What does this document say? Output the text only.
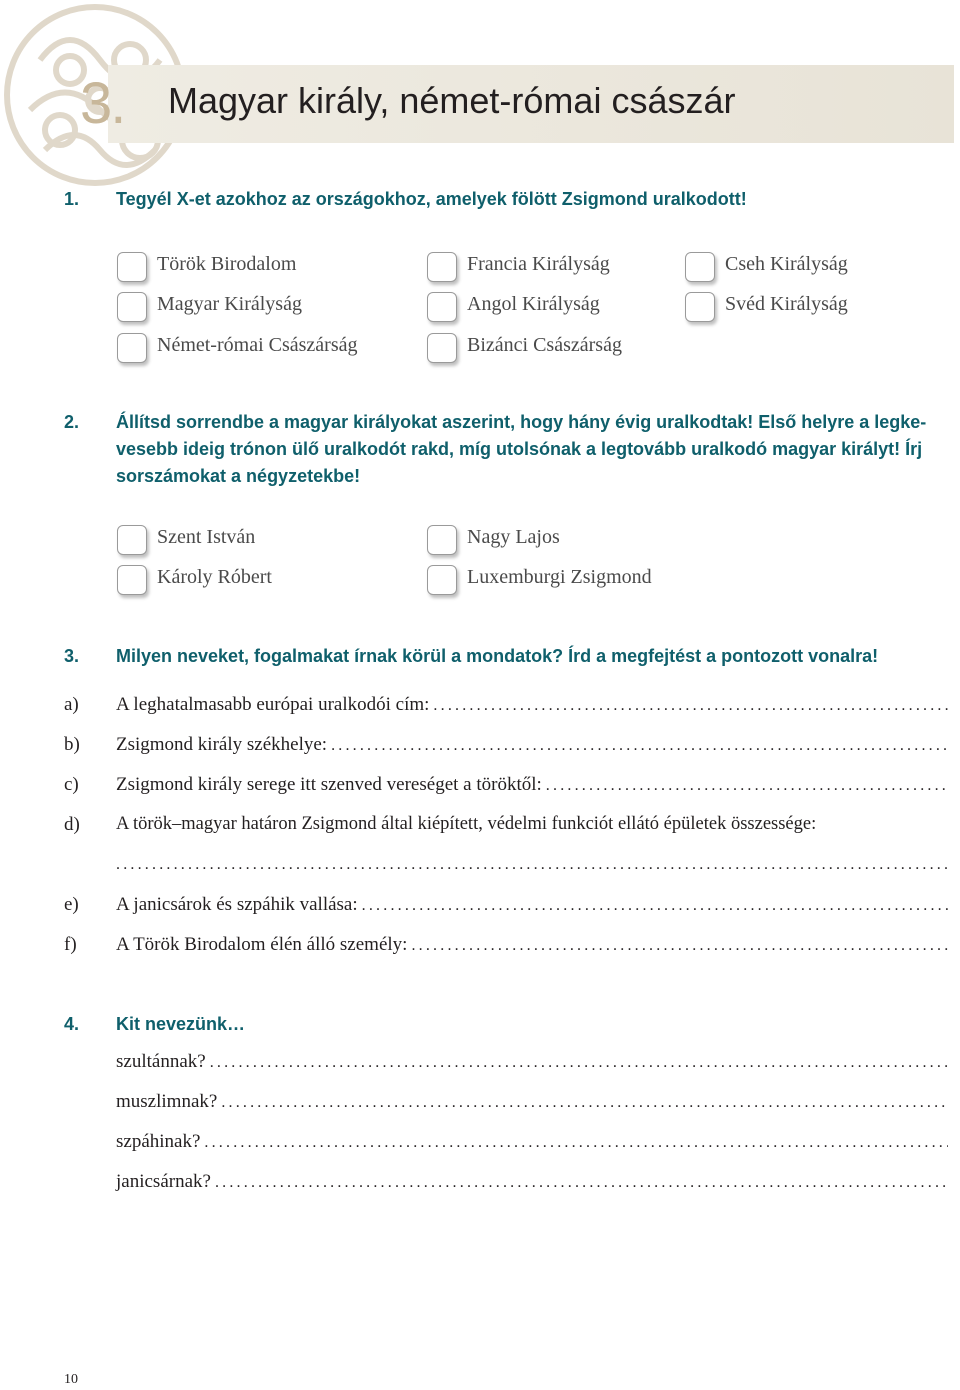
3. Magyar király, német-római császár
1. Tegyél X-et azokhoz az országokhoz, amelyek fölött Zsigmond uralkodott!
Török Birodalom	Francia Királyság	Cseh Királyság
Magyar Királyság	Angol Királyság	Svéd Királyság
Német-római Császárság	Bizánci Császárság
2. Állítsd sorrendbe a magyar királyokat aszerint, hogy hány évig uralkodtak! Első helyre a legke-
vesebb ideig trónon ülő uralkodót rakd, míg utolsónak a legtovább uralkodó magyar királyt! Írj
sorszámokat a négyzetekbe!
Szent István	Nagy Lajos
Károly Róbert	Luxemburgi Zsigmond
3. Milyen neveket, fogalmakat írnak körül a mondatok? Írd a megfejtést a pontozott vonalra!
a) A leghatalmasabb európai uralkodói cím:
.....
b) Zsigmond király székhelye:
.....
c) Zsigmond király serege itt szenved vereséget a töröktől:
.....
d) A török–magyar határon Zsigmond által kiépített, védelmi funkciót ellátó épületek összessége:
.....
e) A janicsárok és szpáhik vallása:
.....
f) A Török Birodalom élén álló személy:
.....
4. Kit nevezünk…
szultánnak?
.....
muszlimnak?
.....
szpáhinak?
.....
janicsárnak?
.....
10
